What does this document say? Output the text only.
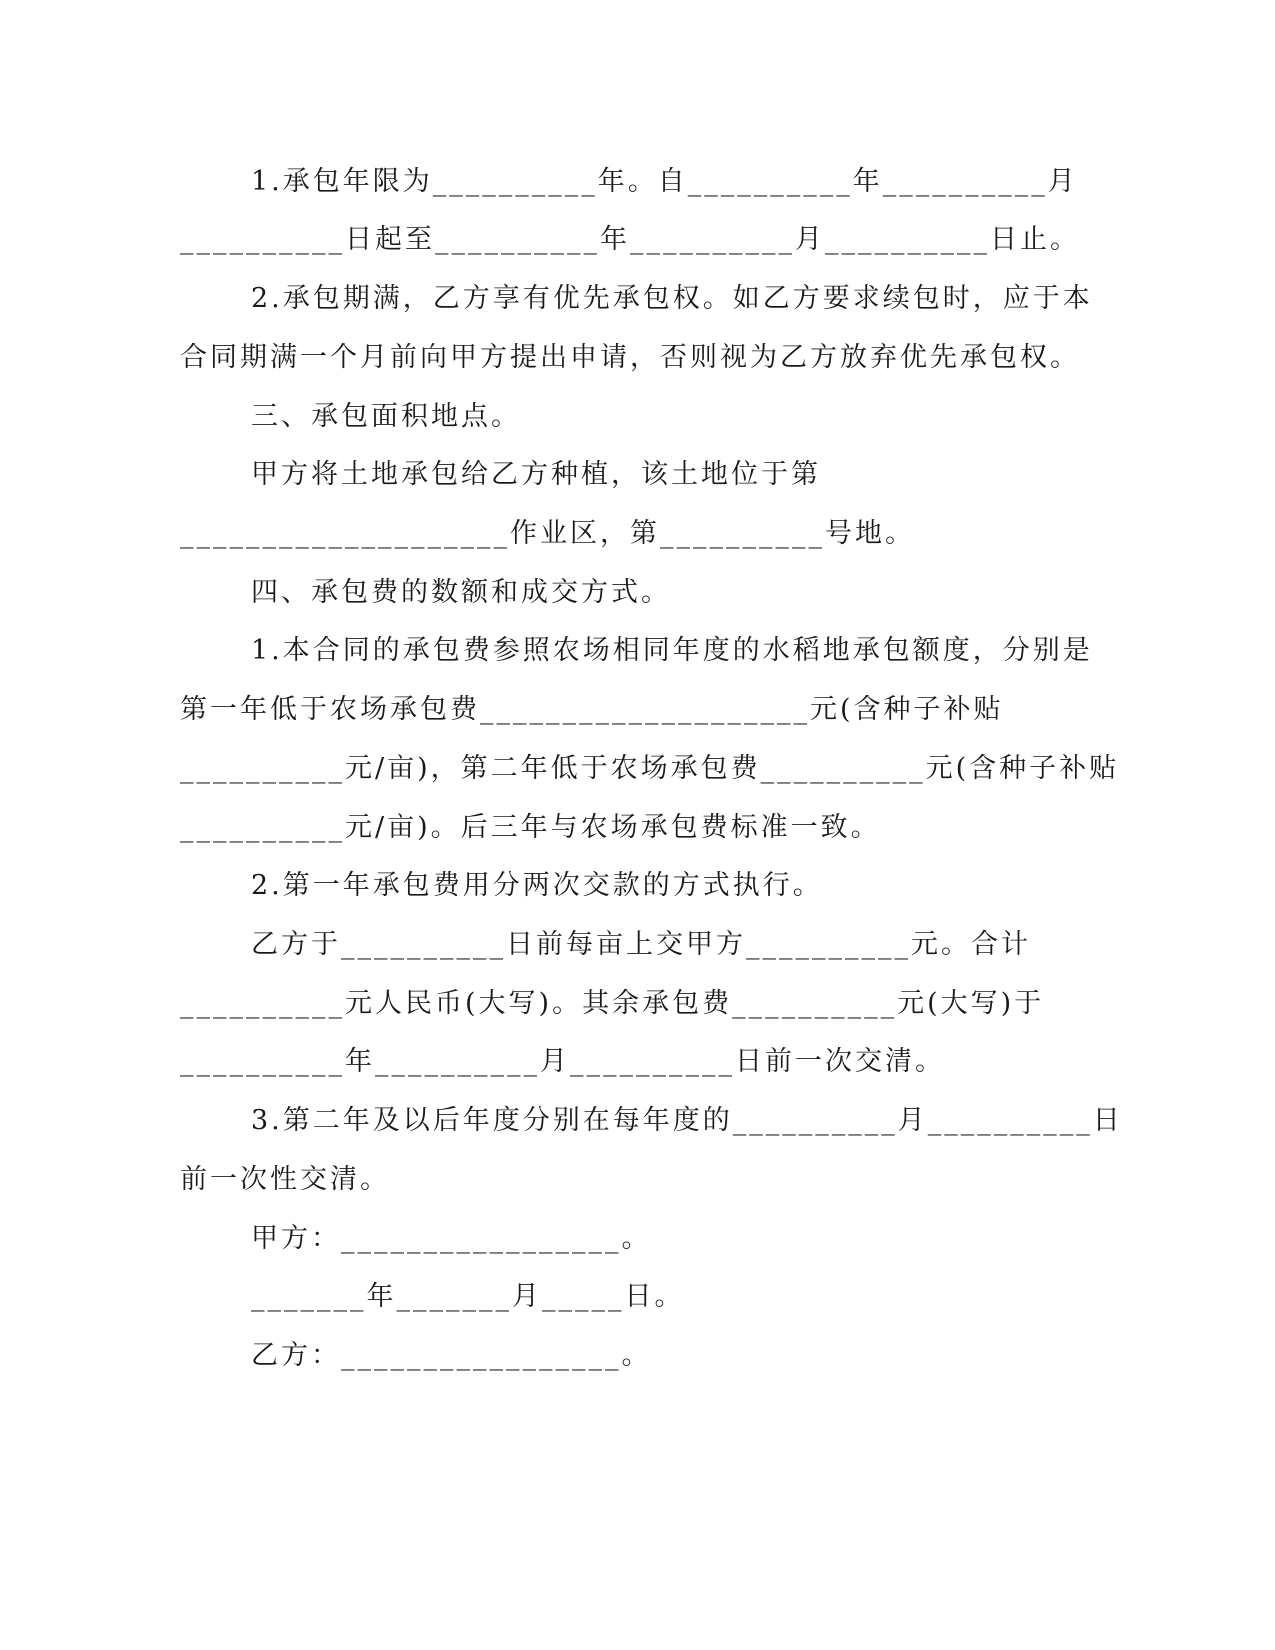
1.承包年限为__________年。自__________年__________月
__________日起至__________年__________月__________日止。
2.承包期满，乙方享有优先承包权。如乙方要求续包时，应于本
合同期满一个月前向甲方提出申请，否则视为乙方放弃优先承包权。
三、承包面积地点。
甲方将土地承包给乙方种植，该土地位于第
____________________作业区，第__________号地。
四、承包费的数额和成交方式。
1.本合同的承包费参照农场相同年度的水稻地承包额度，分别是
第一年低于农场承包费____________________元(含种子补贴
__________元/亩)，第二年低于农场承包费__________元(含种子补贴
__________元/亩)。后三年与农场承包费标准一致。
2.第一年承包费用分两次交款的方式执行。
乙方于__________日前每亩上交甲方__________元。合计
__________元人民币(大写)。其余承包费__________元(大写)于
__________年__________月__________日前一次交清。
3.第二年及以后年度分别在每年度的__________月__________日
前一次性交清。
甲方：_________________。
_______年_______月_____日。
乙方：_________________。
